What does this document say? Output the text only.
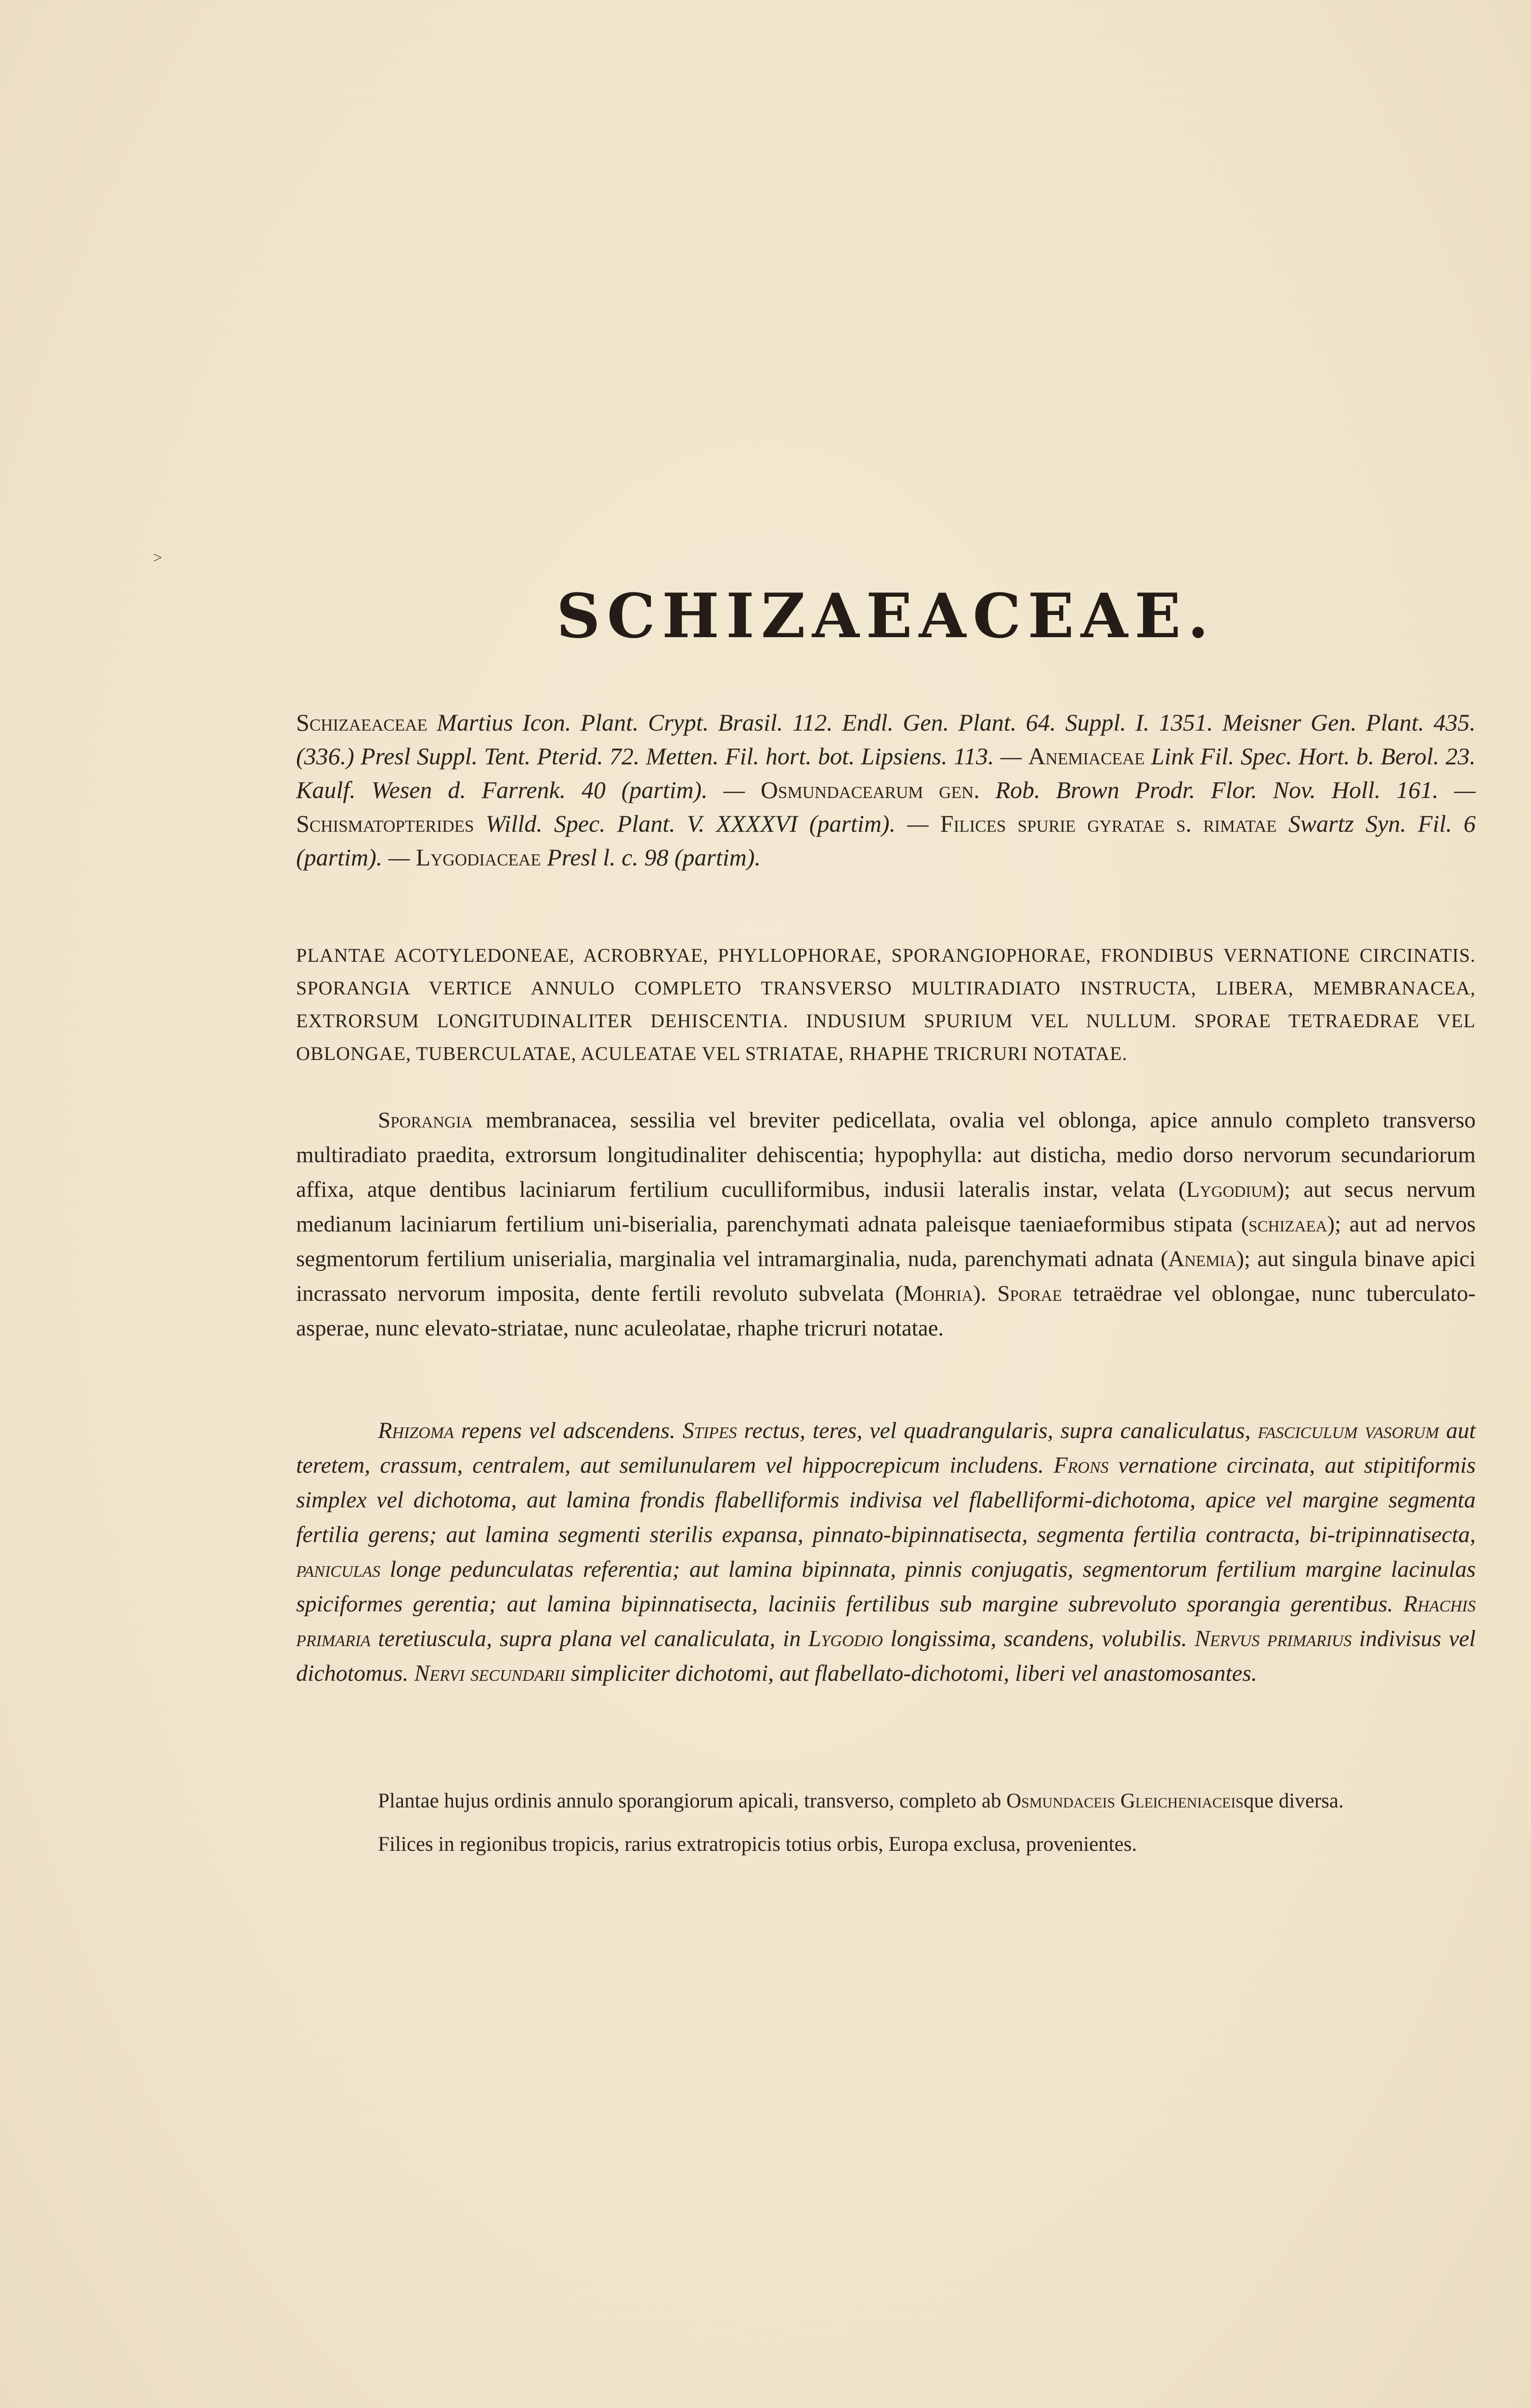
SCHIZAEACEAE.
Schizaeaceae Martius Icon. Plant. Crypt. Brasil. 112. Endl. Gen. Plant. 64. Suppl. I. 1351. Meisner Gen. Plant. 435. (336.) Presl Suppl. Tent. Pterid. 72. Metten. Fil. hort. bot. Lipsiens. 113. — Anemiaceae Link Fil. Spec. Hort. b. Berol. 23. Kaulf. Wesen d. Farrenk. 40 (partim). — Osmundacearum gen. Rob. Brown Prodr. Flor. Nov. Holl. 161. — Schismatopterides Willd. Spec. Plant. V. XXXXVI (partim). — Filices spurie gyratae s. rimatae Swartz Syn. Fil. 6 (partim). — Lygodiaceae Presl l. c. 98 (partim).
PLANTAE ACOTYLEDONEAE, ACROBRYAE, PHYLLOPHORAE, SPORANGIOPHORAE, FRONDIBUS VERNATIONE CIRCINATIS. SPORANGIA VERTICE ANNULO COMPLETO TRANSVERSO MULTIRADIATO INSTRUCTA, LIBERA, MEMBRANACEA, EXTRORSUM LONGITUDINALITER DEHISCENTIA. INDUSIUM SPURIUM VEL NULLUM. SPORAE TETRAEDRAE VEL OBLONGAE, TUBERCULATAE, ACULEATAE VEL STRIATAE, RHAPHE TRICRURI NOTATAE.
Sporangia membranacea, sessilia vel breviter pedicellata, ovalia vel oblonga, apice annulo completo transverso multiradiato praedita, extrorsum longitudinaliter dehiscentia; hypophylla: aut disticha, medio dorso nervorum secundariorum affixa, atque dentibus laciniarum fertilium cuculliformibus, indusii lateralis instar, velata (Lygodium); aut secus nervum medianum laciniarum fertilium uni-biserialia, parenchymati adnata paleisque taeniaeformibus stipata (schizaea); aut ad nervos segmentorum fertilium uniserialia, marginalia vel intramarginalia, nuda, parenchymati adnata (Anemia); aut singula binave apici incrassato nervorum imposita, dente fertili revoluto subvelata (Mohria). Sporae tetraëdrae vel oblongae, nunc tuberculato-asperae, nunc elevato-striatae, nunc aculeolatae, rhaphe tricruri notatae.
Rhizoma repens vel adscendens. Stipes rectus, teres, vel quadrangularis, supra canaliculatus, fasciculum vasorum aut teretem, crassum, centralem, aut semilunularem vel hippocrepicum includens. Frons vernatione circinata, aut stipitiformis simplex vel dichotoma, aut lamina frondis flabelliformis indivisa vel flabelliformi-dichotoma, apice vel margine segmenta fertilia gerens; aut lamina segmenti sterilis expansa, pinnato-bipinnatisecta, segmenta fertilia contracta, bi-tripinnatisecta, paniculas longe pedunculatas referentia; aut lamina bipinnata, pinnis conjugatis, segmentorum fertilium margine lacinulas spiciformes gerentia; aut lamina bipinnatisecta, laciniis fertilibus sub margine subrevoluto sporangia gerentibus. Rhachis primaria teretiuscula, supra plana vel canaliculata, in Lygodio longissima, scandens, volubilis. Nervus primarius indivisus vel dichotomus. Nervi secundarii simpliciter dichotomi, aut flabellato-dichotomi, liberi vel anastomosantes.
Plantae hujus ordinis annulo sporangiorum apicali, transverso, completo ab Osmundaceis Gleicheniaceisque diversa.
Filices in regionibus tropicis, rarius extratropicis totius orbis, Europa exclusa, provenientes.
˃
